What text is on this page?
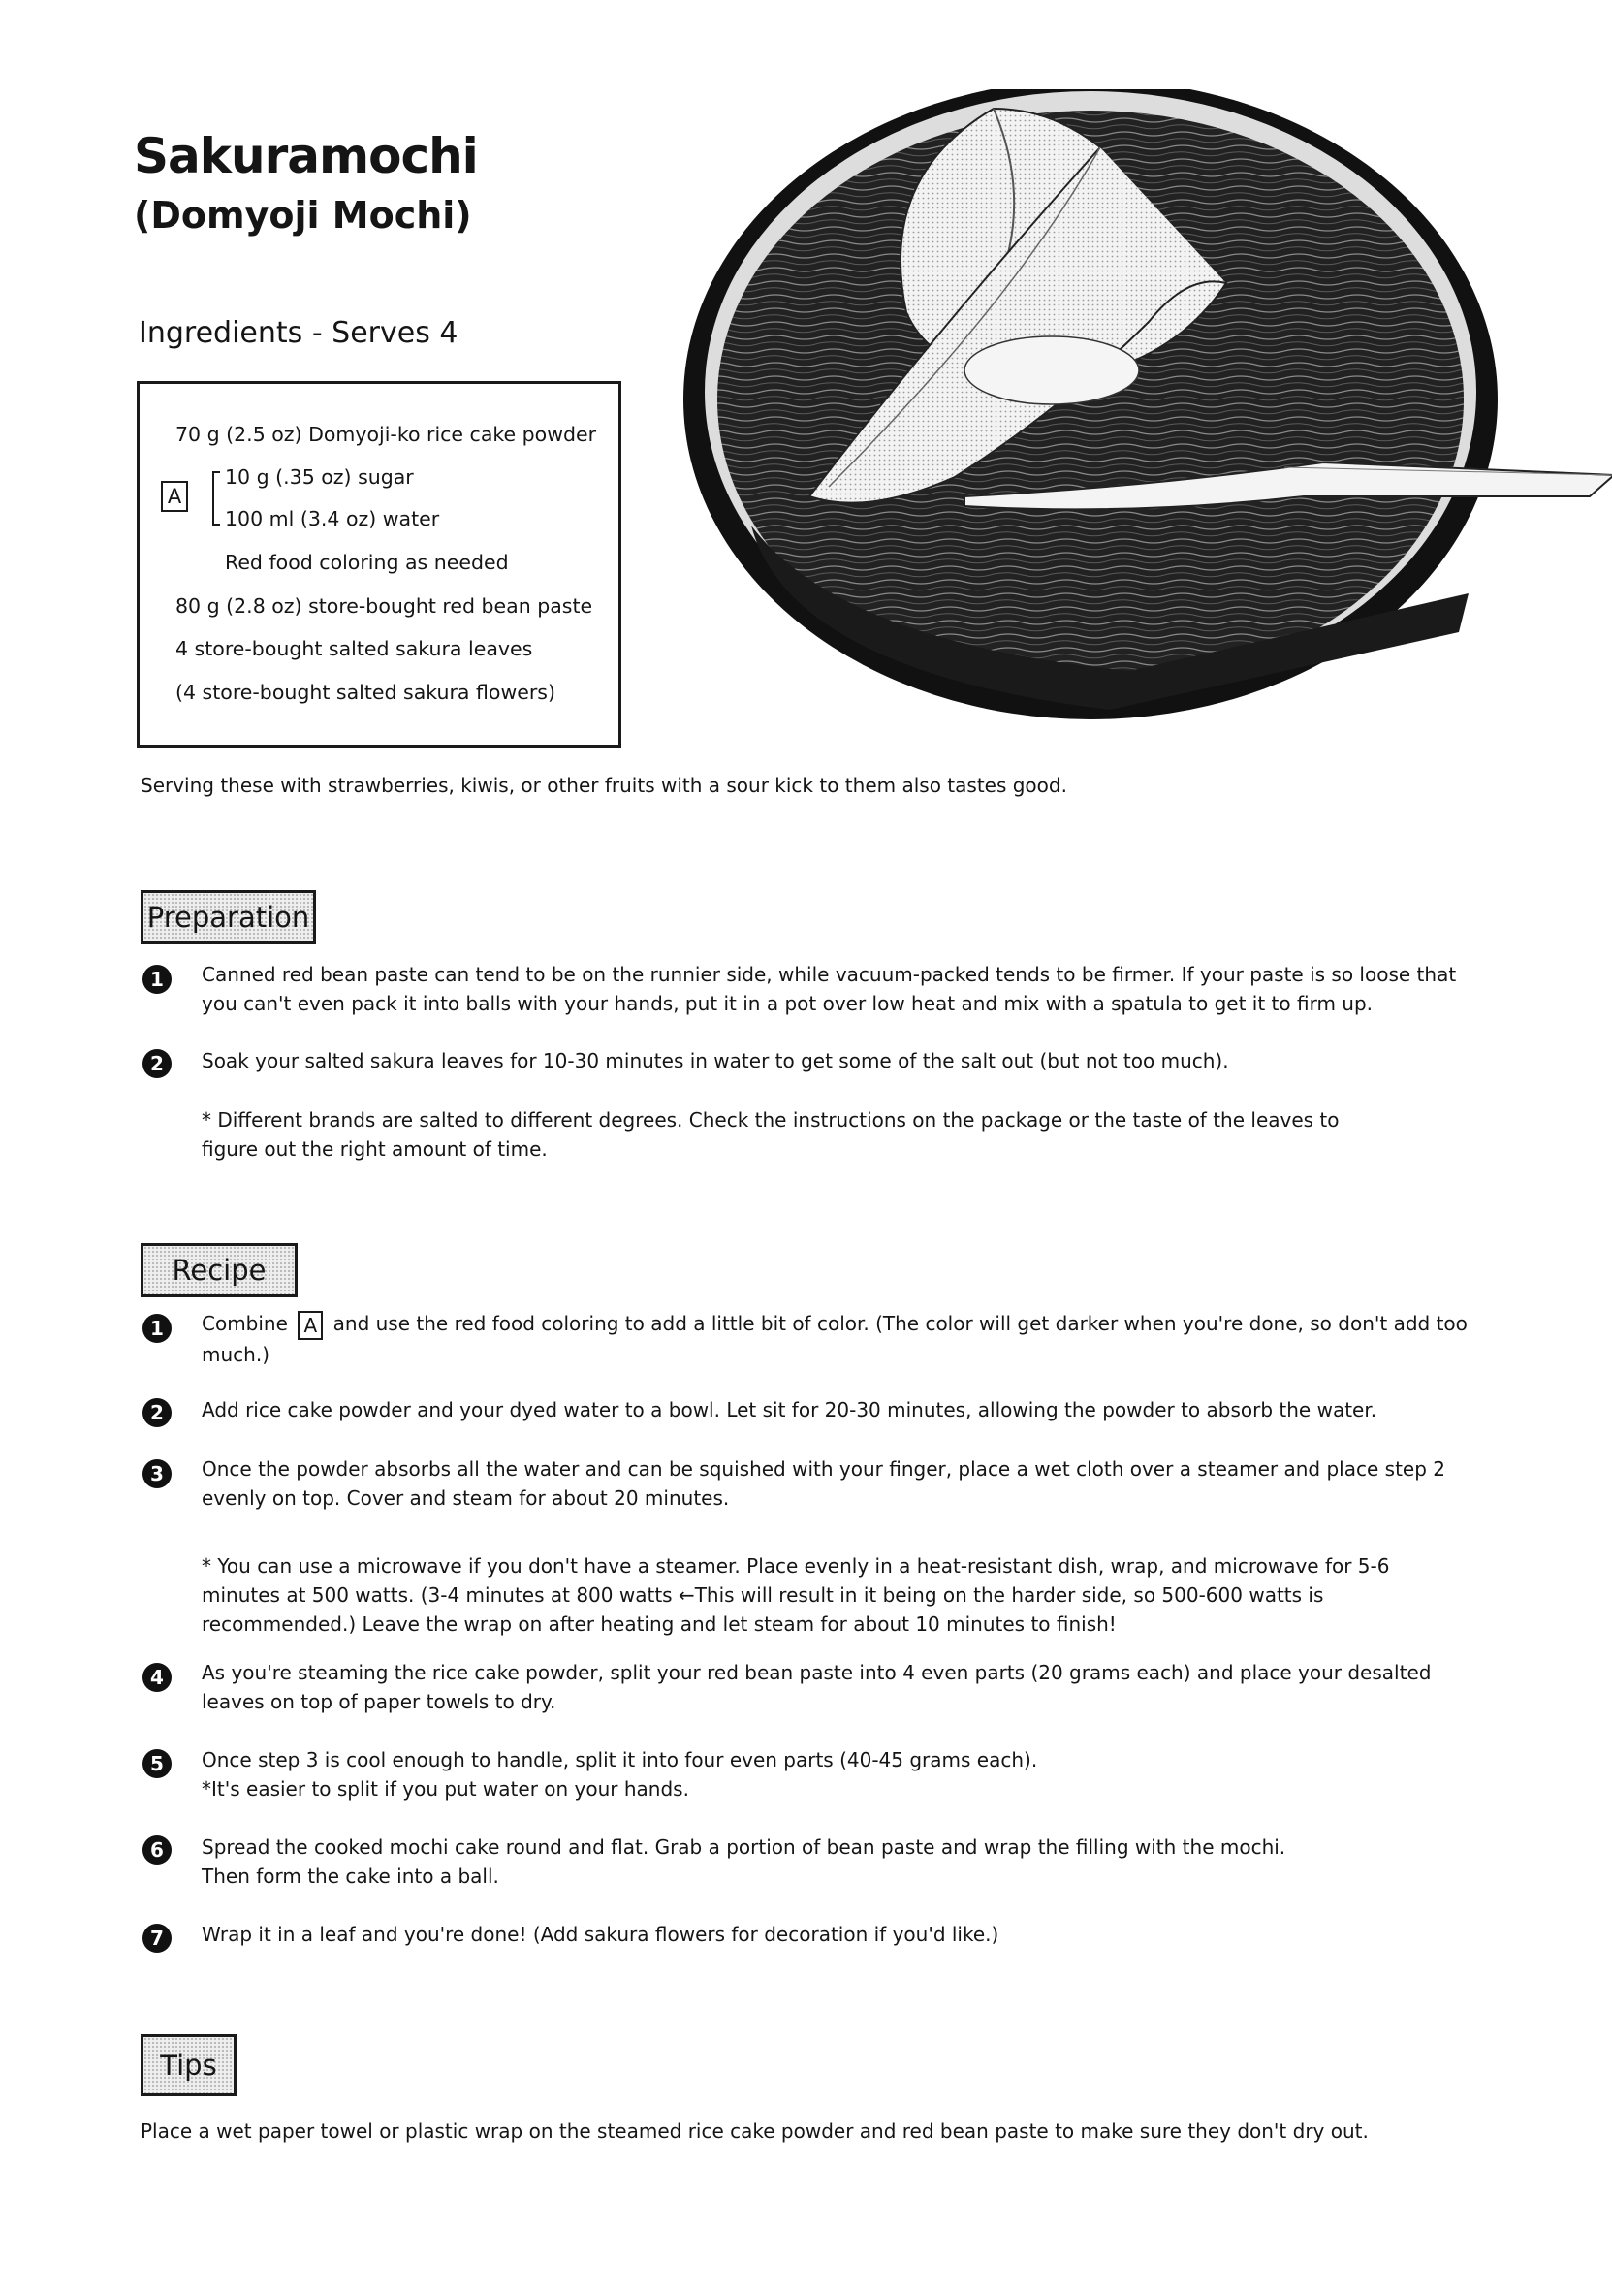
Sakuramochi
(Domyoji Mochi)
Ingredients - Serves 4
70 g (2.5 oz) Domyoji-ko rice cake powder
A
10 g (.35 oz) sugar
100 ml (3.4 oz) water
Red food coloring as needed
80 g (2.8 oz) store-bought red bean paste
4 store-bought salted sakura leaves
(4 store-bought salted sakura flowers)
Serving these with strawberries, kiwis, or other fruits with a sour kick to them also tastes good.
Preparation
1	Canned red bean paste can tend to be on the runnier side, while vacuum-packed tends to be firmer. If your paste is so loose that you can't even pack it into balls with your hands, put it in a pot over low heat and mix with a spatula to get it to firm up.
2	Soak your salted sakura leaves for 10-30 minutes in water to get some of the salt out (but not too much).
* Different brands are salted to different degrees. Check the instructions on the package or the taste of the leaves to figure out the right amount of time.
Recipe
1	Combine A and use the red food coloring to add a little bit of color. (The color will get darker when you're done, so don't add too much.)
2	Add rice cake powder and your dyed water to a bowl. Let sit for 20-30 minutes, allowing the powder to absorb the water.
3	Once the powder absorbs all the water and can be squished with your finger, place a wet cloth over a steamer and place step 2 evenly on top. Cover and steam for about 20 minutes.
* You can use a microwave if you don't have a steamer. Place evenly in a heat-resistant dish, wrap, and microwave for 5-6 minutes at 500 watts. (3-4 minutes at 800 watts ←This will result in it being on the harder side, so 500-600 watts is recommended.) Leave the wrap on after heating and let steam for about 10 minutes to finish!
4	As you're steaming the rice cake powder, split your red bean paste into 4 even parts (20 grams each) and place your desalted leaves on top of paper towels to dry.
5	Once step 3 is cool enough to handle, split it into four even parts (40-45 grams each).
*It's easier to split if you put water on your hands.
6	Spread the cooked mochi cake round and flat. Grab a portion of bean paste and wrap the filling with the mochi.
Then form the cake into a ball.
7	Wrap it in a leaf and you're done! (Add sakura flowers for decoration if you'd like.)
Tips
Place a wet paper towel or plastic wrap on the steamed rice cake powder and red bean paste to make sure they don't dry out.
